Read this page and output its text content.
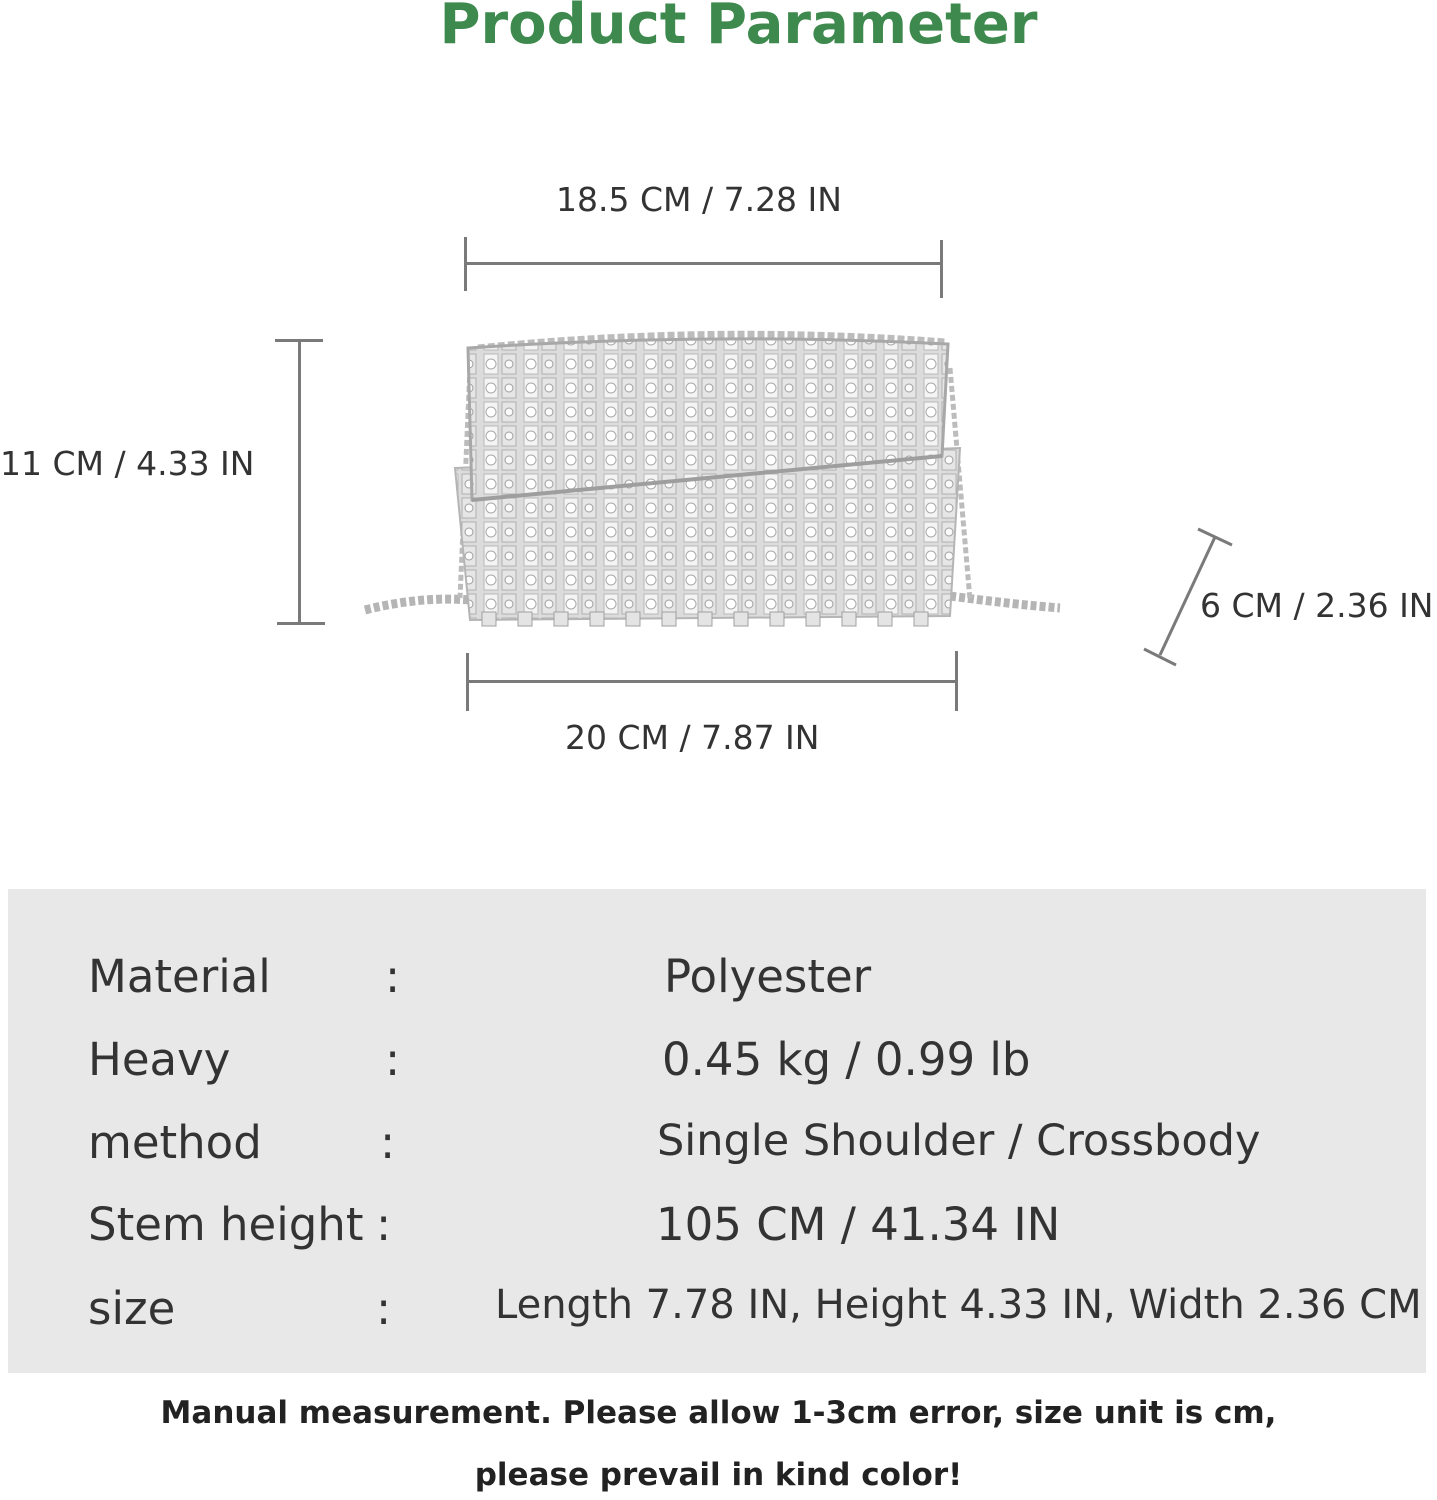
Product Parameter
18.5 CM / 7.28 IN
11 CM / 4.33 IN
6 CM / 2.36 IN
20 CM / 7.87 IN
Material	:	Polyester
Heavy	:	0.45 kg / 0.99 lb
method	:	Single Shoulder / Crossbody
Stem height :	105 CM / 41.34 IN
size	:	Length 7.78 IN, Height 4.33 IN, Width 2.36 CM
Manual measurement. Please allow 1-3cm error, size unit is cm,
please prevail in kind color!
